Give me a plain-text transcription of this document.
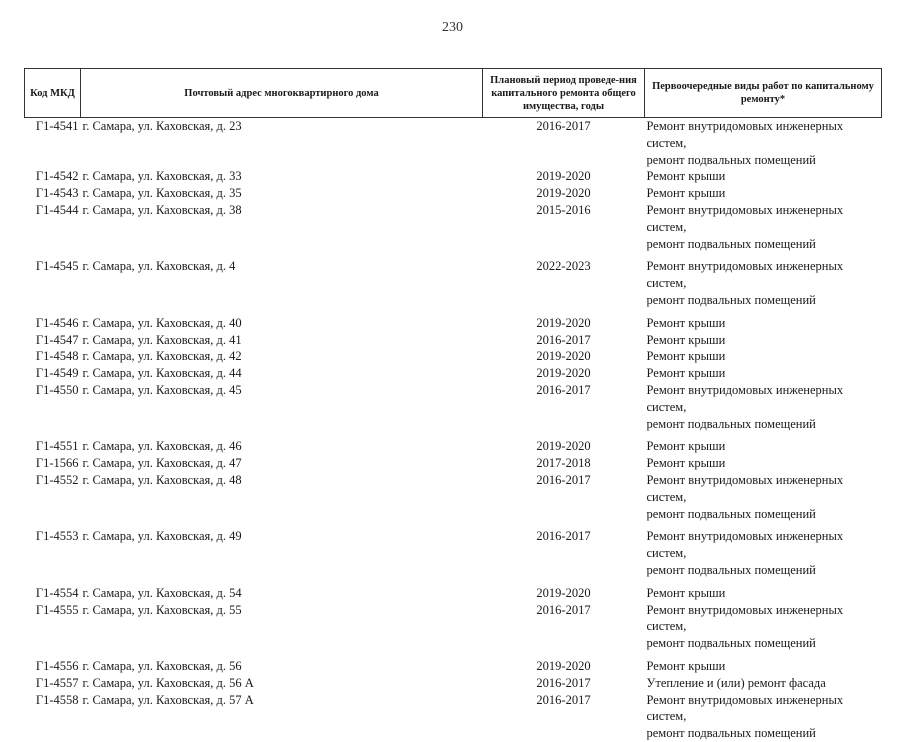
230
Код МКД	Почтовый адрес многоквартирного дома	Плановый период проведе-ния капитального ремонта общего имущества, годы	Первоочередные виды работ по капитальному ремонту*
Г1-4541	г. Самара, ул. Каховская, д. 23	2016-2017	Ремонт внутридомовых инженерных систем,
ремонт подвальных помещений

Г1-4542	г. Самара, ул. Каховская, д. 33	2019-2020	Ремонт крыши

Г1-4543	г. Самара, ул. Каховская, д. 35	2019-2020	Ремонт крыши

Г1-4544	г. Самара, ул. Каховская, д. 38	2015-2016	Ремонт внутридомовых инженерных систем,
ремонт подвальных помещений

Г1-4545	г. Самара, ул. Каховская, д. 4	2022-2023	Ремонт внутридомовых инженерных систем,
ремонт подвальных помещений

Г1-4546	г. Самара, ул. Каховская, д. 40	2019-2020	Ремонт крыши

Г1-4547	г. Самара, ул. Каховская, д. 41	2016-2017	Ремонт крыши

Г1-4548	г. Самара, ул. Каховская, д. 42	2019-2020	Ремонт крыши

Г1-4549	г. Самара, ул. Каховская, д. 44	2019-2020	Ремонт крыши

Г1-4550	г. Самара, ул. Каховская, д. 45	2016-2017	Ремонт внутридомовых инженерных систем,
ремонт подвальных помещений

Г1-4551	г. Самара, ул. Каховская, д. 46	2019-2020	Ремонт крыши

Г1-1566	г. Самара, ул. Каховская, д. 47	2017-2018	Ремонт крыши

Г1-4552	г. Самара, ул. Каховская, д. 48	2016-2017	Ремонт внутридомовых инженерных систем,
ремонт подвальных помещений

Г1-4553	г. Самара, ул. Каховская, д. 49	2016-2017	Ремонт внутридомовых инженерных систем,
ремонт подвальных помещений

Г1-4554	г. Самара, ул. Каховская, д. 54	2019-2020	Ремонт крыши

Г1-4555	г. Самара, ул. Каховская, д. 55	2016-2017	Ремонт внутридомовых инженерных систем,
ремонт подвальных помещений

Г1-4556	г. Самара, ул. Каховская, д. 56	2019-2020	Ремонт крыши

Г1-4557	г. Самара, ул. Каховская, д. 56 А	2016-2017	Утепление и (или) ремонт фасада

Г1-4558	г. Самара, ул. Каховская, д. 57 А	2016-2017	Ремонт внутридомовых инженерных систем,
ремонт подвальных помещений
